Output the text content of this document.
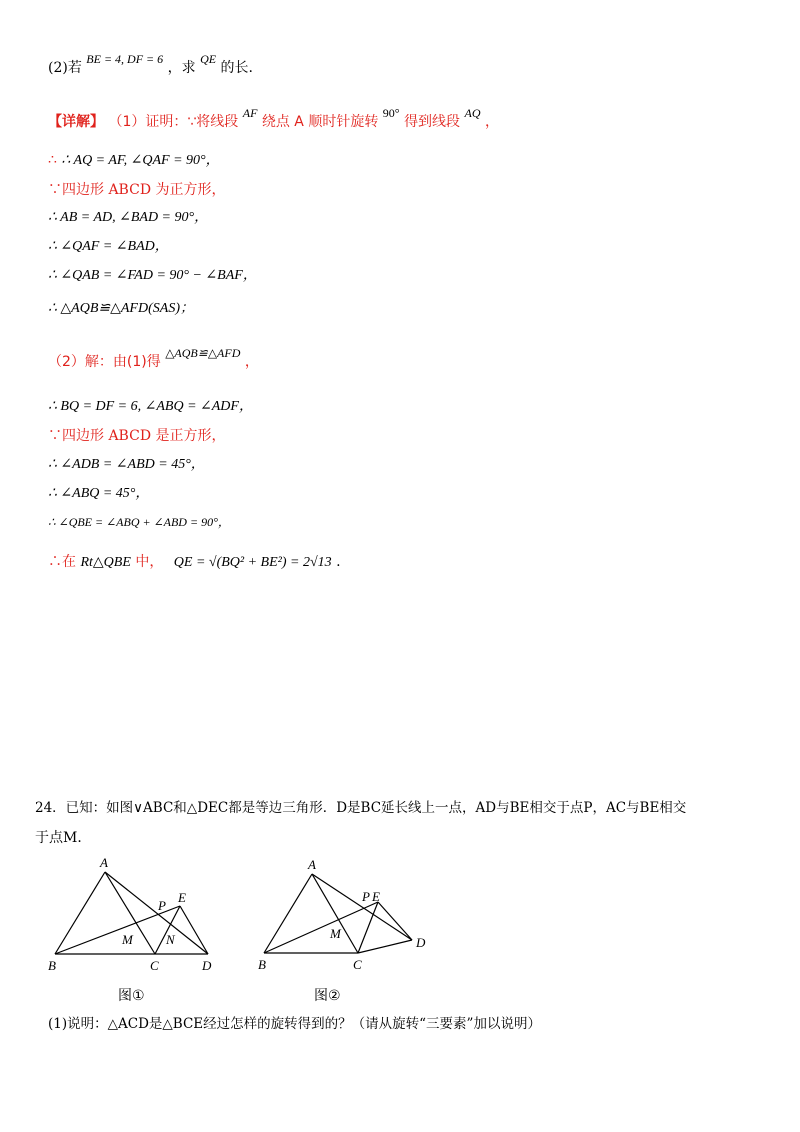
(2)若 BE = 4, DF = 6 ，求 QE 的长.
【详解】 （1）证明：∵将线段 AF 绕点 A 顺时针旋转 90° 得到线段 AQ ，
∴ ∴ AQ = AF, ∠QAF = 90°，
∵四边形 ABCD 为正方形，
∴ AB = AD, ∠BAD = 90°，
∴ ∠QAF = ∠BAD，
∴ ∠QAB = ∠FAD = 90° − ∠BAF，
∴ △AQB≌△AFD(SAS)；
（2）解：由(1)得 △AQB≌△AFD ，
∴ BQ = DF = 6, ∠ABQ = ∠ADF，
∵四边形 ABCD 是正方形，
∴ ∠ADB = ∠ABD = 45°，
∴ ∠ABQ = 45°，
∴ ∠QBE = ∠ABQ + ∠ABD = 90°，
∴在 Rt△QBE 中， QE = √(BQ² + BE²) = 2√13 .
24．已知：如图∨ABC和△DEC都是等边三角形．D是BC延长线上一点，AD与BE相交于点P，AC与BE相交
于点M．
A
B	C	D
E
P
M	N
图①
A
B	C
D
P E
M
图②
(1)说明：△ACD是△BCE经过怎样的旋转得到的？（请从旋转“三要素”加以说明）
